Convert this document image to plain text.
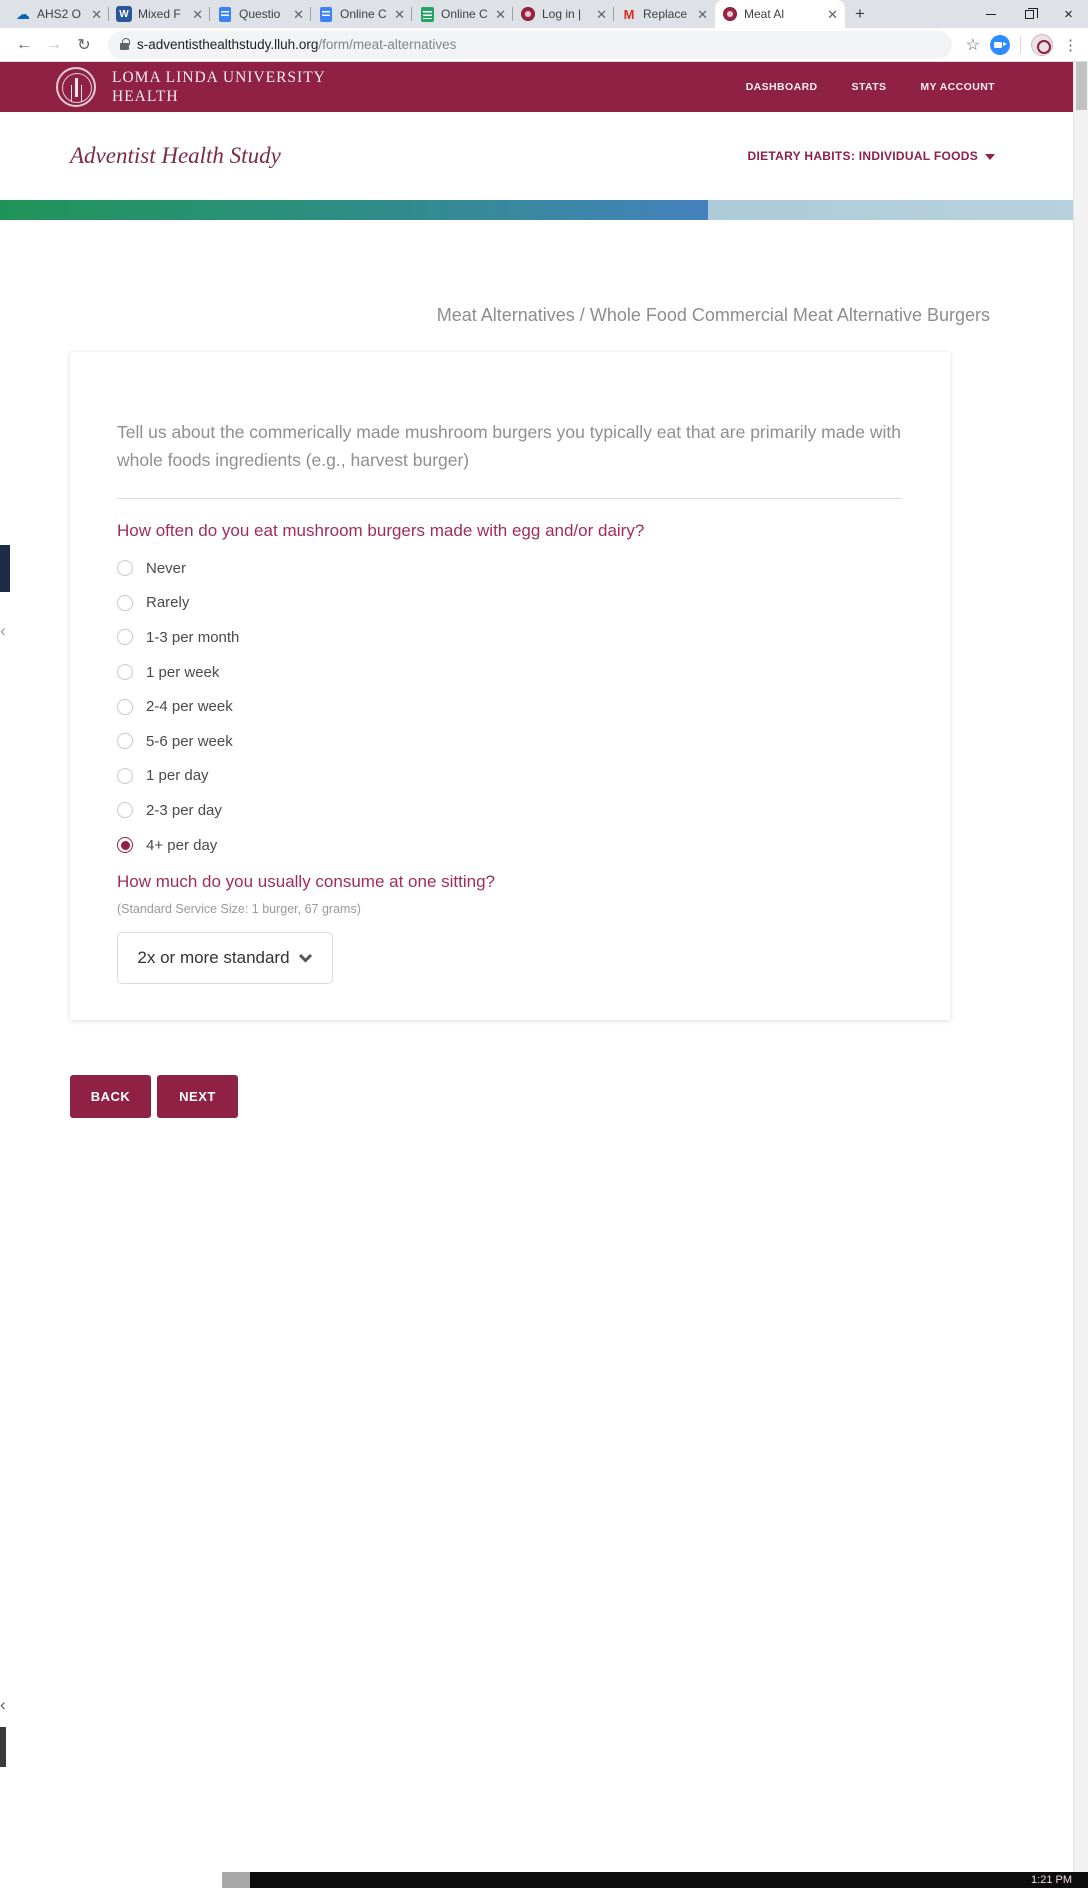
☁ AHS2 O ✕	W Mixed F ✕	Questio ✕	Online C ✕	Online C ✕	Log in |	✕ M Replace ✕	Meat Al	✕	+	×
← → ↻	s-adventisthealthstudy.lluh.org/form/meat-alternatives	☆	⋮
LOMA LINDA UNIVERSITY
HEALTH
DASHBOARD	STATS	MY ACCOUNT
Adventist Health Study	DIETARY HABITS: INDIVIDUAL FOODS
Meat Alternatives / Whole Food Commercial Meat Alternative Burgers

Tell us about the commerically made mushroom burgers you typically eat that are primarily made with whole foods ingredients (e.g., harvest burger)

How often do you eat mushroom burgers made with egg and/or dairy?
Never
Rarely
1-3 per month
1 per week
2-4 per week
5-6 per week
1 per day
2-3 per day
4+ per day
How much do you usually consume at one sitting?
(Standard Service Size: 1 burger, 67 grams)
2x or more standard
BACK	NEXT
‹
‹
1:21 PM
